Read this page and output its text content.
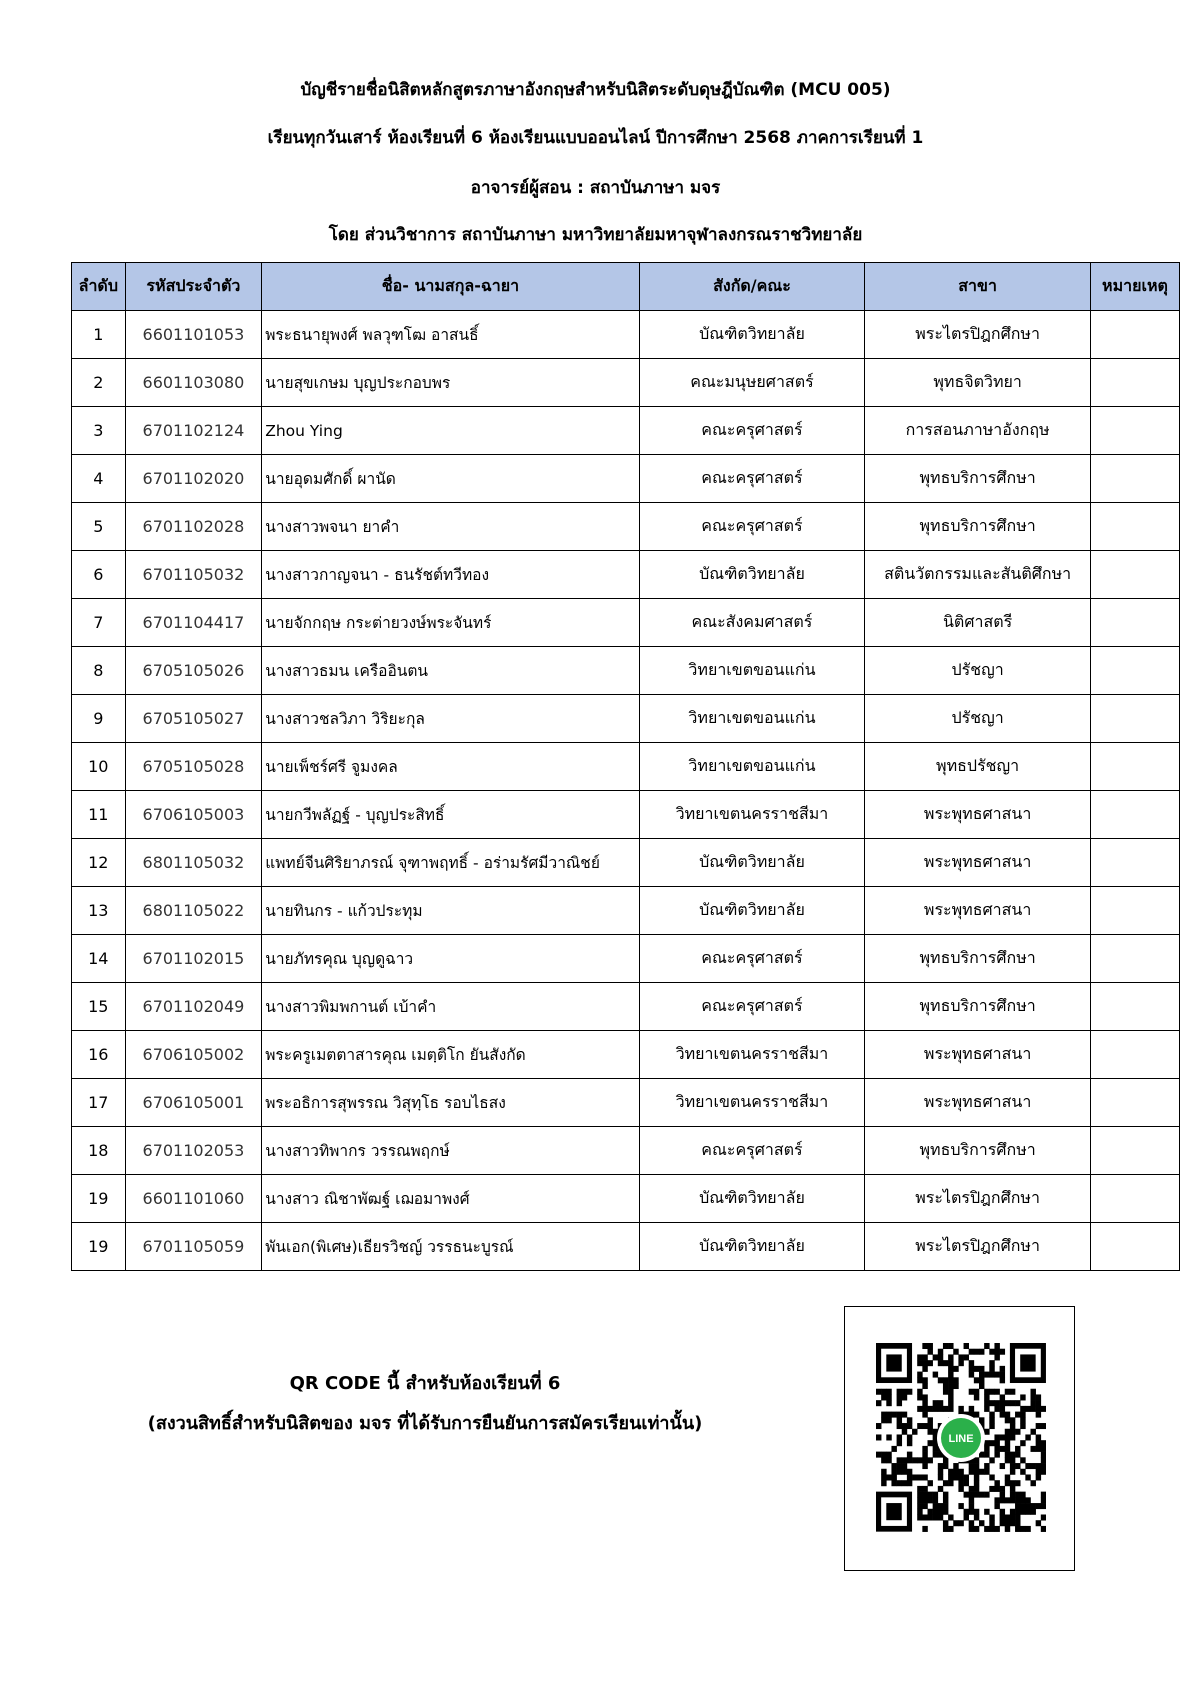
บัญชีรายชื่อนิสิตหลักสูตรภาษาอังกฤษสำหรับนิสิตระดับดุษฎีบัณฑิต (MCU 005)
เรียนทุกวันเสาร์ ห้องเรียนที่ 6 ห้องเรียนแบบออนไลน์ ปีการศึกษา 2568 ภาคการเรียนที่ 1
อาจารย์ผู้สอน : สถาบันภาษา มจร
โดย ส่วนวิชาการ สถาบันภาษา มหาวิทยาลัยมหาจุฬาลงกรณราชวิทยาลัย
ลำดับ	รหัสประจำตัว	ชื่อ- นามสกุล-ฉายา	สังกัด/คณะ	สาขา	หมายเหตุ
1	6601101053	พระธนายุพงศ์ พลวุฑโฒ อาสนธิ์	บัณฑิตวิทยาลัย	พระไตรปิฎกศึกษา	
2	6601103080	นายสุขเกษม บุญประกอบพร	คณะมนุษยศาสตร์	พุทธจิตวิทยา	
3	6701102124	Zhou Ying	คณะครุศาสตร์	การสอนภาษาอังกฤษ	
4	6701102020	นายอุดมศักดิ์ ผานัด	คณะครุศาสตร์	พุทธบริการศึกษา	
5	6701102028	นางสาวพจนา ยาคำ	คณะครุศาสตร์	พุทธบริการศึกษา	
6	6701105032	นางสาวกาญจนา - ธนรัชต์ทวีทอง	บัณฑิตวิทยาลัย	สตินวัตกรรมและสันติศึกษา	
7	6701104417	นายจักกฤษ กระต่ายวงษ์พระจันทร์	คณะสังคมศาสตร์	นิติศาสตรี	
8	6705105026	นางสาวธมน เครืออินตน	วิทยาเขตขอนแก่น	ปรัชญา	
9	6705105027	นางสาวชลวิภา วิริยะกุล	วิทยาเขตขอนแก่น	ปรัชญา	
10	6705105028	นายเพ็ชร์ศรี จูมงคล	วิทยาเขตขอนแก่น	พุทธปรัชญา	
11	6706105003	นายกวีพลัฏฐ์ - บุญประสิทธิ์	วิทยาเขตนครราชสีมา	พระพุทธศาสนา	
12	6801105032	แพทย์จีนศิริยาภรณ์ จุฑาพฤทธิ์ - อร่ามรัศมีวาณิชย์	บัณฑิตวิทยาลัย	พระพุทธศาสนา	
13	6801105022	นายทินกร - แก้วประทุม	บัณฑิตวิทยาลัย	พระพุทธศาสนา	
14	6701102015	นายภัทรคุณ บุญดูฉาว	คณะครุศาสตร์	พุทธบริการศึกษา	
15	6701102049	นางสาวพิมพกานต์ เบ้าคำ	คณะครุศาสตร์	พุทธบริการศึกษา	
16	6706105002	พระครูเมตตาสารคุณ เมตฺติโก ยันสังกัด	วิทยาเขตนครราชสีมา	พระพุทธศาสนา	
17	6706105001	พระอธิการสุพรรณ วิสุทฺโธ รอบไธสง	วิทยาเขตนครราชสีมา	พระพุทธศาสนา	
18	6701102053	นางสาวทิพากร วรรณพฤกษ์	คณะครุศาสตร์	พุทธบริการศึกษา	
19	6601101060	นางสาว ณิชาพัฒฐ์ เฌอมาพงศ์	บัณฑิตวิทยาลัย	พระไตรปิฎกศึกษา	
19	6701105059	พันเอก(พิเศษ)เธียรวิชญ์ วรรธนะบูรณ์	บัณฑิตวิทยาลัย	พระไตรปิฎกศึกษา	
QR CODE นี้ สำหรับห้องเรียนที่ 6
(สงวนสิทธิ์สำหรับนิสิตของ มจร ที่ได้รับการยืนยันการสมัครเรียนเท่านั้น)
LINE
